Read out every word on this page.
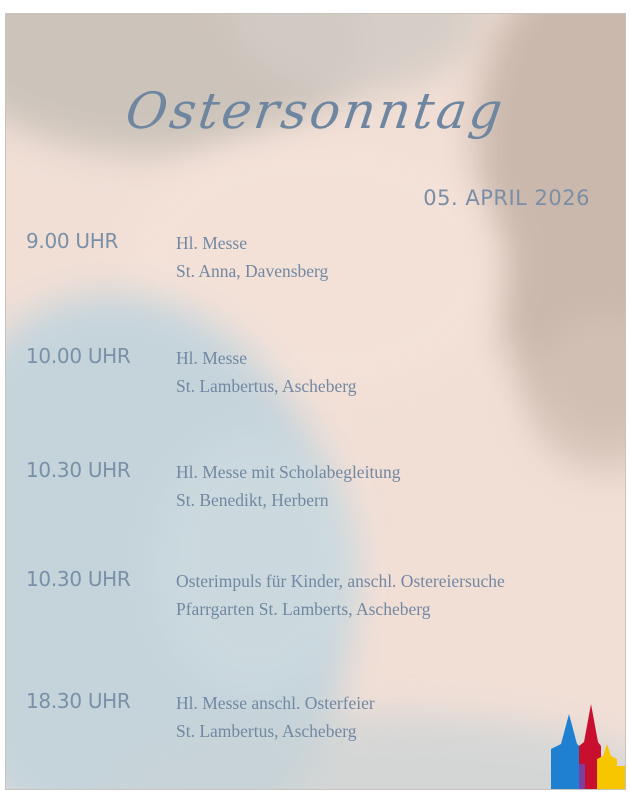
Ostersonntag

05. APRIL 2026

9.00 UHR	Hl. Messe
St. Anna, Davensberg
10.00 UHR	Hl. Messe
St. Lambertus, Ascheberg
10.30 UHR	Hl. Messe mit Scholabegleitung
St. Benedikt, Herbern
10.30 UHR	Osterimpuls für Kinder, anschl. Ostereiersuche
Pfarrgarten St. Lamberts, Ascheberg
18.30 UHR	Hl. Messe anschl. Osterfeier
St. Lambertus, Ascheberg
